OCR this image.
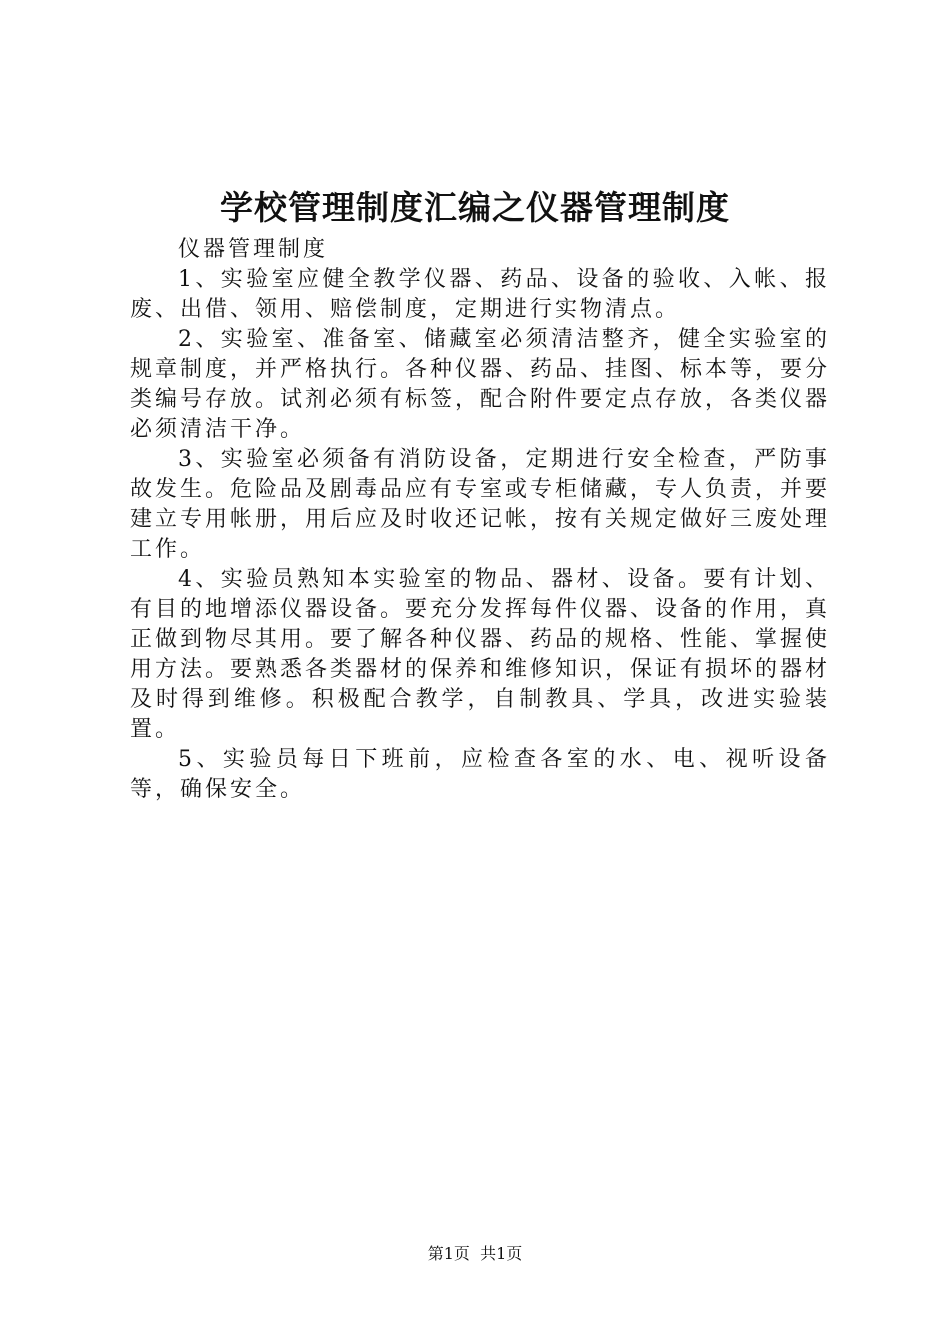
学校管理制度汇编之仪器管理制度

仪器管理制度

1、实验室应健全教学仪器、药品、设备的验收、入帐、报废、出借、领用、赔偿制度，定期进行实物清点。

2、实验室、准备室、储藏室必须清洁整齐，健全实验室的规章制度，并严格执行。各种仪器、药品、挂图、标本等，要分类编号存放。试剂必须有标签，配合附件要定点存放，各类仪器必须清洁干净。

3、实验室必须备有消防设备，定期进行安全检查，严防事故发生。危险品及剧毒品应有专室或专柜储藏，专人负责，并要建立专用帐册，用后应及时收还记帐，按有关规定做好三废处理工作。

4、实验员熟知本实验室的物品、器材、设备。要有计划、有目的地增添仪器设备。要充分发挥每件仪器、设备的作用，真正做到物尽其用。要了解各种仪器、药品的规格、性能、掌握使用方法。要熟悉各类器材的保养和维修知识，保证有损坏的器材及时得到维修。积极配合教学，自制教具、学具，改进实验装置。

5、实验员每日下班前，应检查各室的水、电、视听设备等，确保安全。

第1页 共1页
